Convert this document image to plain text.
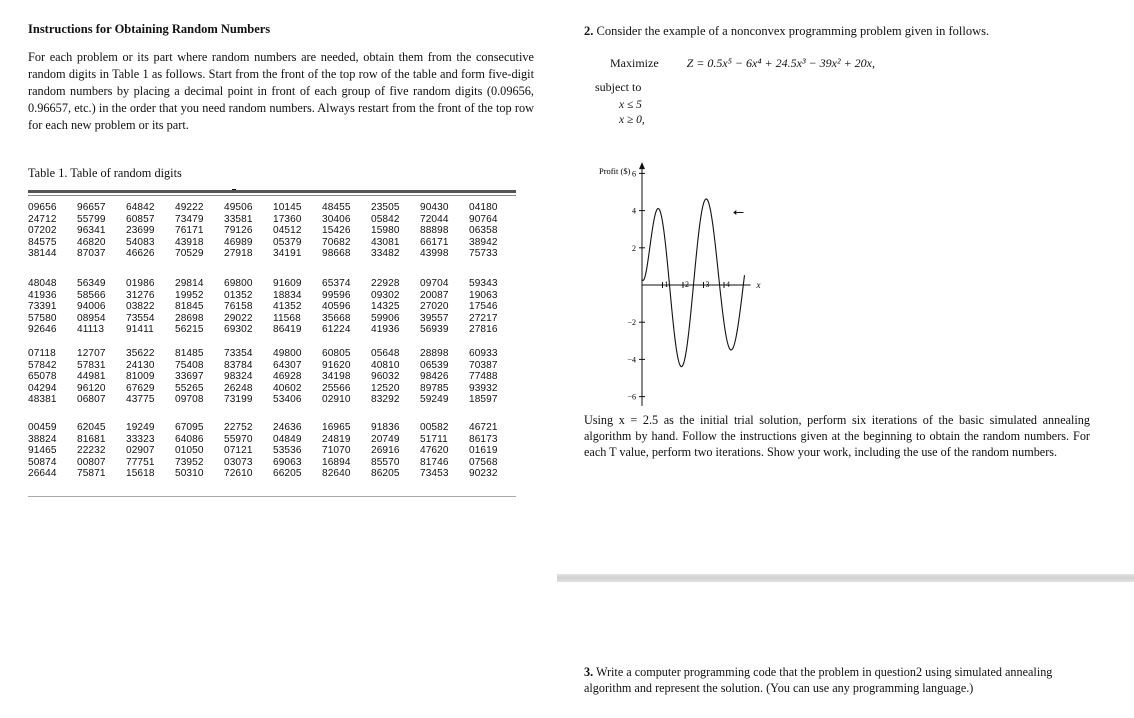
Instructions for Obtaining Random Numbers

For each problem or its part where random numbers are needed, obtain them from the consecutive random digits in Table 1 as follows. Start from the front of the top row of the table and form five-digit random numbers by placing a decimal point in front of each group of five random digits (0.09656, 0.96657, etc.) in the order that you need random numbers. Always restart from the front of the top row for each new problem or its part.

Table 1. Table of random digits
09656	96657	64842	49222	49506	10145	48455	23505	90430	04180
24712	55799	60857	73479	33581	17360	30406	05842	72044	90764
07202	96341	23699	76171	79126	04512	15426	15980	88898	06358
84575	46820	54083	43918	46989	05379	70682	43081	66171	38942
38144	87037	46626	70529	27918	34191	98668	33482	43998	75733
48048	56349	01986	29814	69800	91609	65374	22928	09704	59343
41936	58566	31276	19952	01352	18834	99596	09302	20087	19063
73391	94006	03822	81845	76158	41352	40596	14325	27020	17546
57580	08954	73554	28698	29022	11568	35668	59906	39557	27217
92646	41113	91411	56215	69302	86419	61224	41936	56939	27816
07118	12707	35622	81485	73354	49800	60805	05648	28898	60933
57842	57831	24130	75408	83784	64307	91620	40810	06539	70387
65078	44981	81009	33697	98324	46928	34198	96032	98426	77488
04294	96120	67629	55265	26248	40602	25566	12520	89785	93932
48381	06807	43775	09708	73199	53406	02910	83292	59249	18597
00459	62045	19249	67095	22752	24636	16965	91836	00582	46721
38824	81681	33323	64086	55970	04849	24819	20749	51711	86173
91465	22232	02907	01050	07121	53536	71070	26916	47620	01619
50874	00807	77751	73952	03073	69063	16894	85570	81746	07568
26644	75871	15618	50310	72610	66205	82640	86205	73453	90232
2. Consider the example of a nonconvex programming problem given in follows.
Maximize Z = 0.5x⁵ − 6x⁴ + 24.5x³ − 39x² + 20x,
subject to
x ≤ 5
x ≥ 0,
Profit ($) 6
4
2
−2
−4
−6
1 2 3 4	x
Using x = 2.5 as the initial trial solution, perform six iterations of the basic simulated annealing algorithm by hand. Follow the instructions given at the beginning to obtain the random numbers. For each T value, perform two iterations. Show your work, including the use of the random numbers.
3. Write a computer programming code that the problem in question2 using simulated annealing algorithm and represent the solution. (You can use any programming language.)
